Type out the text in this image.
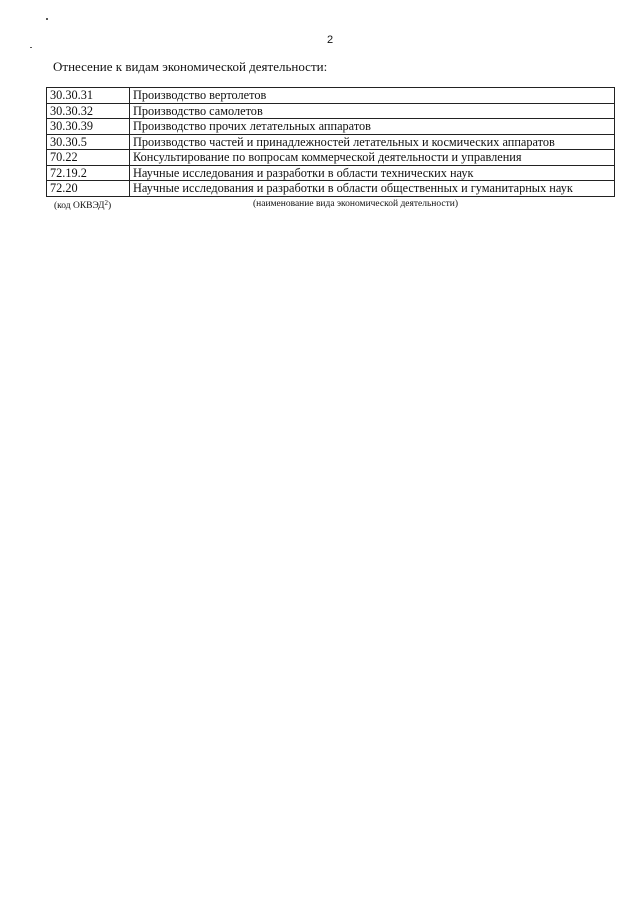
2
Отнесение к видам экономической деятельности:
30.30.31	Производство вертолетов
30.30.32	Производство самолетов
30.30.39	Производство прочих летательных аппаратов
30.30.5	Производство частей и принадлежностей летательных и космических аппаратов
70.22	Консультирование по вопросам коммерческой деятельности и управления
72.19.2	Научные исследования и разработки в области технических наук
72.20	Научные исследования и разработки в области общественных и гуманитарных наук
(код ОКВЭД$^2$)	(наименование вида экономической деятельности)
